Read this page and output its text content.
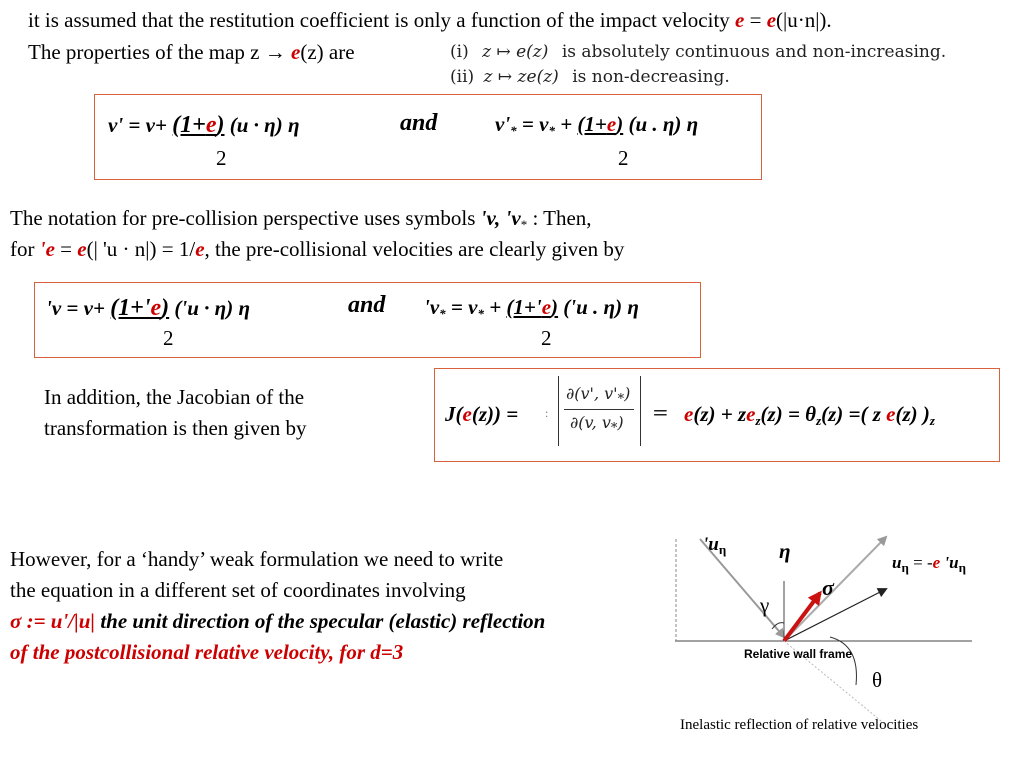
it is assumed that the restitution coefficient is only a function of the impact velocity e = e(|u·n|).
The properties of the map z → e(z) are	(i) z ↦ e(z) is absolutely continuous and non-increasing.
(ii) z ↦ ze(z) is non-decreasing.
v' = v+ (1+e) (u · η) η	and	$v'_* = v_* + (1+e)$ (u . η) η
2	2
The notation for pre-collision perspective uses symbols 'v, '$v_*$ : Then,
for 'e = e(| 'u · n|) = 1/e, the pre-collisional velocities are clearly given by
'v = v+ (1+'e) ('u · η) η	and '$v_* = v_* + (1+'e)$ ('u . η) η
2	2
In addition, the Jacobian of the
transformation is then given by
J(e(z)) = :
∂(v', $v'_*$)
∂(v, $v_*) = e(z) + ze_z(z) = \theta_z(z)$ =( z e(z) )$_z$
However, for a ‘handy’ weak formulation we need to write
the equation in a different set of coordinates involving
σ := u'/|u| the unit direction of the specular (elastic) reflection
of the postcollisional relative velocity, for d=3
'$u_\eta$	η
σ
γ
θ
$u_\eta = -e$ '$u_\eta$
Relative wall frame
Inelastic reflection of relative velocities
